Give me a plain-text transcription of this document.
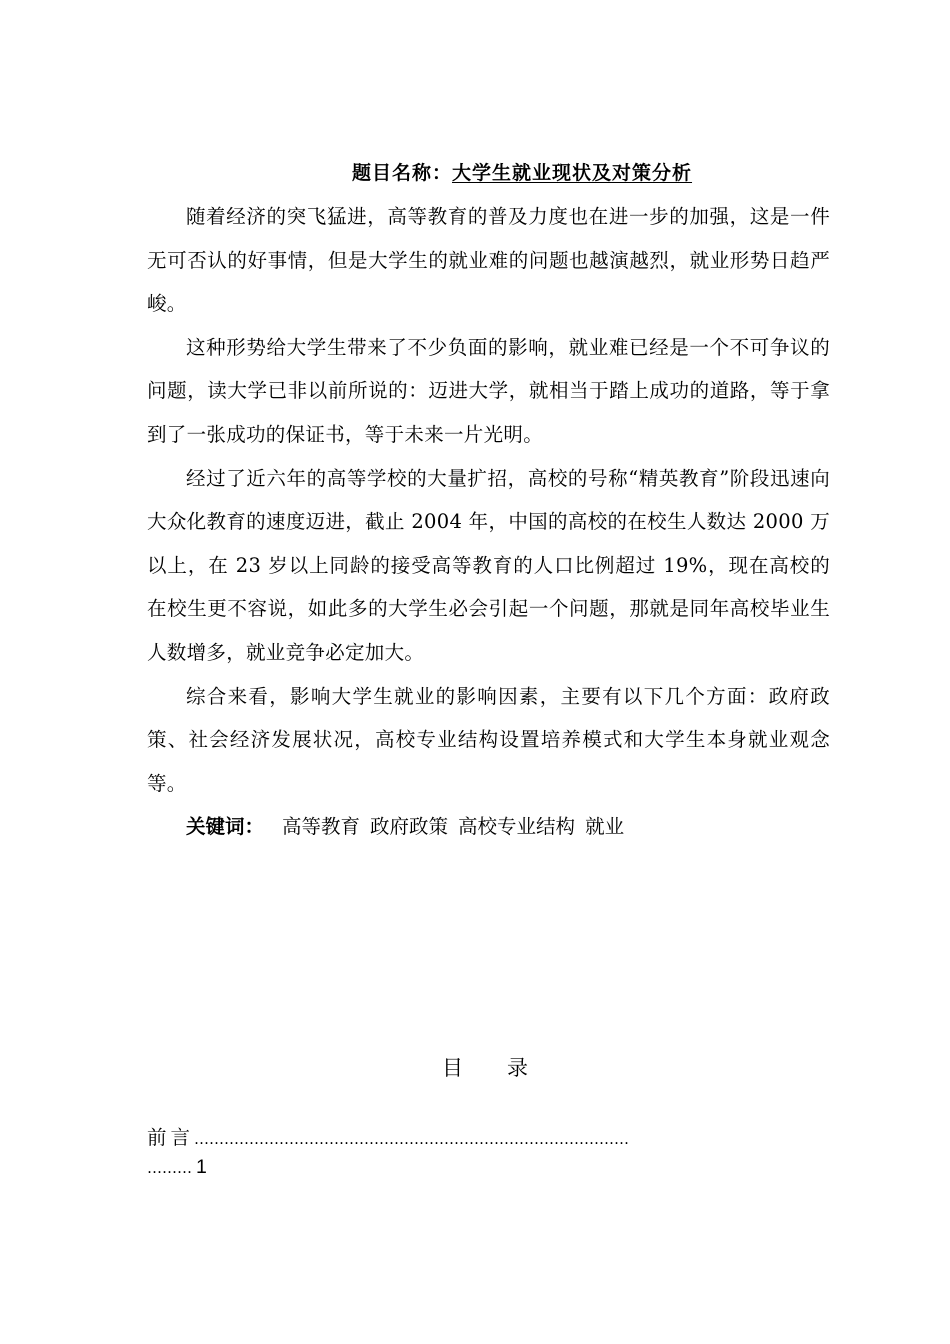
题目名称：大学生就业现状及对策分析

随着经济的突飞猛进，高等教育的普及力度也在进一步的加强，这是一件无可否认的好事情，但是大学生的就业难的问题也越演越烈，就业形势日趋严峻。

这种形势给大学生带来了不少负面的影响，就业难已经是一个不可争议的问题，读大学已非以前所说的：迈进大学，就相当于踏上成功的道路，等于拿到了一张成功的保证书，等于未来一片光明。

经过了近六年的高等学校的大量扩招，高校的号称“精英教育”阶段迅速向大众化教育的速度迈进，截止 2004 年，中国的高校的在校生人数达 2000 万以上，在 23 岁以上同龄的接受高等教育的人口比例超过 19%，现在高校的在校生更不容说，如此多的大学生必会引起一个问题，那就是同年高校毕业生人数增多，就业竞争必定加大。

综合来看，影响大学生就业的影响因素，主要有以下几个方面：政府政策、社会经济发展状况，高校专业结构设置培养模式和大学生本身就业观念等。

关键词： 高等教育 政府政策 高校专业结构 就业

目 录
前言……………………………………………………………………………
……… 1
